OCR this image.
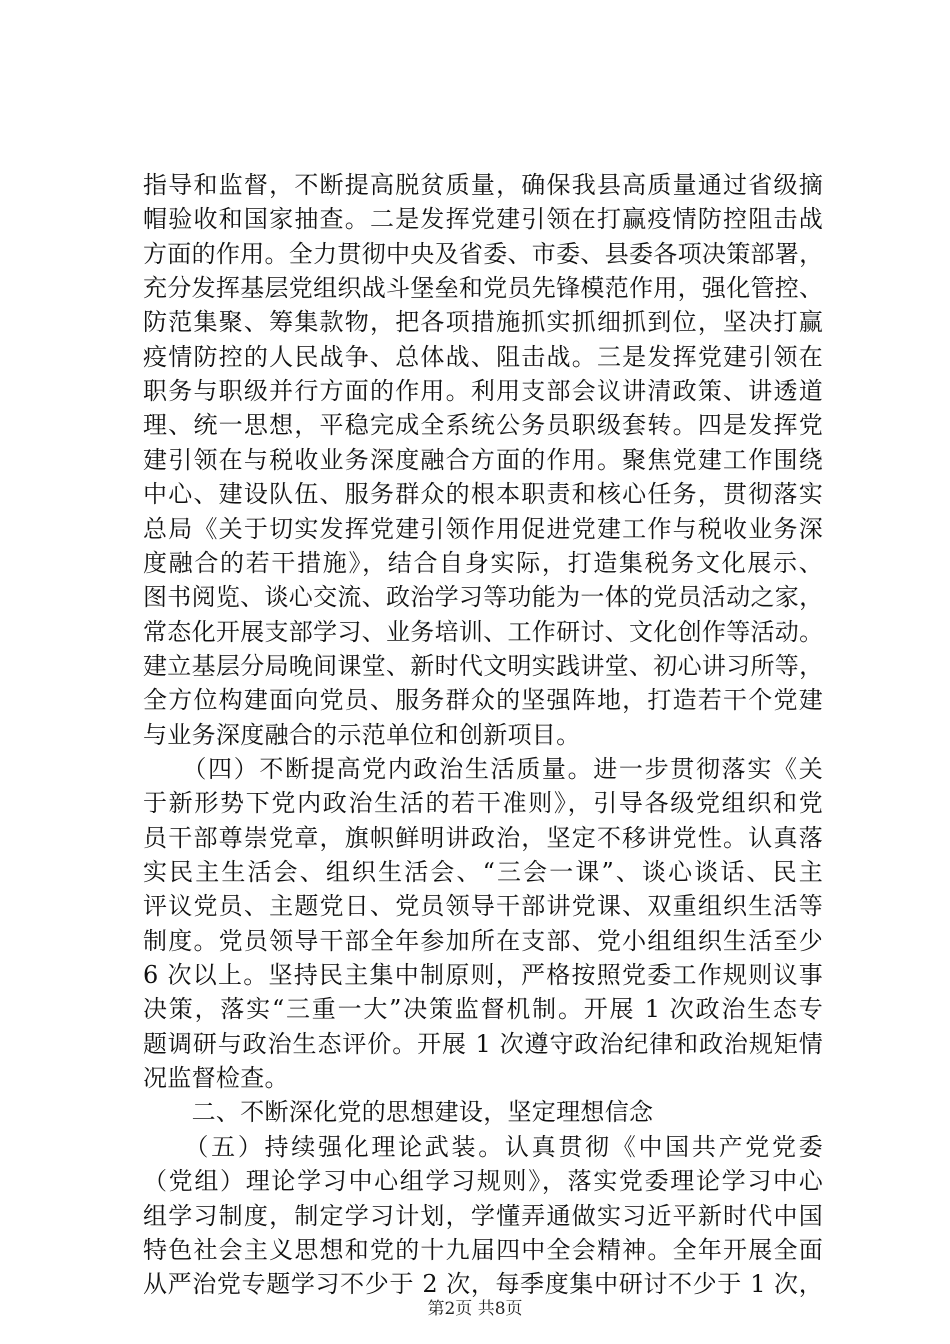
指导和监督，不断提高脱贫质量，确保我县高质量通过省级摘
帽验收和国家抽查。二是发挥党建引领在打赢疫情防控阻击战
方面的作用。全力贯彻中央及省委、市委、县委各项决策部署，
充分发挥基层党组织战斗堡垒和党员先锋模范作用，强化管控、
防范集聚、筹集款物，把各项措施抓实抓细抓到位，坚决打赢
疫情防控的人民战争、总体战、阻击战。三是发挥党建引领在
职务与职级并行方面的作用。利用支部会议讲清政策、讲透道
理、统一思想，平稳完成全系统公务员职级套转。四是发挥党
建引领在与税收业务深度融合方面的作用。聚焦党建工作围绕
中心、建设队伍、服务群众的根本职责和核心任务，贯彻落实
总局《关于切实发挥党建引领作用促进党建工作与税收业务深
度融合的若干措施》，结合自身实际，打造集税务文化展示、
图书阅览、谈心交流、政治学习等功能为一体的党员活动之家，
常态化开展支部学习、业务培训、工作研讨、文化创作等活动。
建立基层分局晚间课堂、新时代文明实践讲堂、初心讲习所等，
全方位构建面向党员、服务群众的坚强阵地，打造若干个党建
与业务深度融合的示范单位和创新项目。
　　（四）不断提高党内政治生活质量。进一步贯彻落实《关
于新形势下党内政治生活的若干准则》，引导各级党组织和党
员干部尊崇党章，旗帜鲜明讲政治，坚定不移讲党性。认真落
实民主生活会、组织生活会、“三会一课”、谈心谈话、民主
评议党员、主题党日、党员领导干部讲党课、双重组织生活等
制度。党员领导干部全年参加所在支部、党小组组织生活至少
6 次以上。坚持民主集中制原则，严格按照党委工作规则议事
决策，落实“三重一大”决策监督机制。开展 1 次政治生态专
题调研与政治生态评价。开展 1 次遵守政治纪律和政治规矩情
况监督检查。
　　二、不断深化党的思想建设，坚定理想信念
　　（五）持续强化理论武装。认真贯彻《中国共产党党委
（党组）理论学习中心组学习规则》，落实党委理论学习中心
组学习制度，制定学习计划，学懂弄通做实习近平新时代中国
特色社会主义思想和党的十九届四中全会精神。全年开展全面
从严治党专题学习不少于 2 次，每季度集中研讨不少于 1 次，
第2页 共8页
